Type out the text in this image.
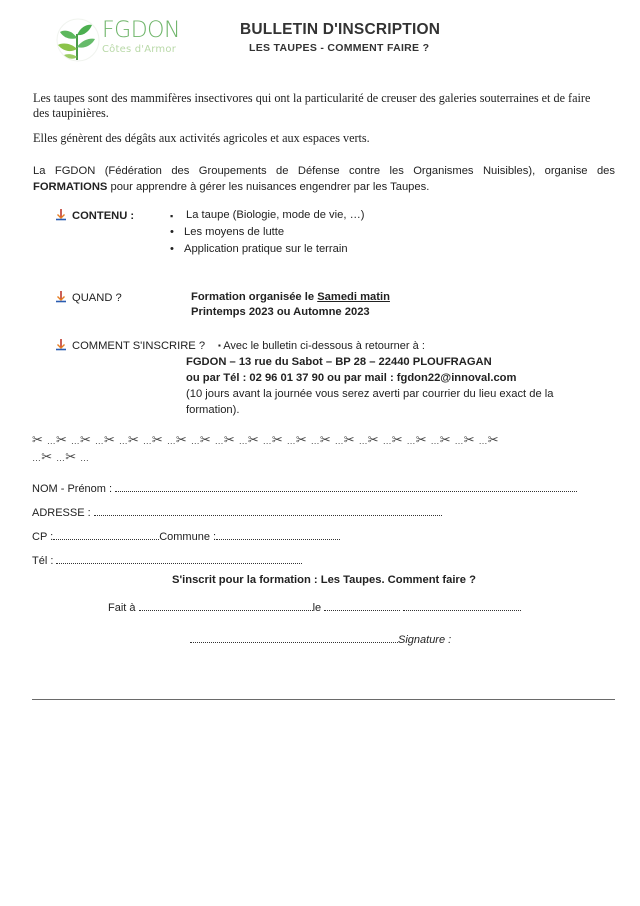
FGDON
Côtes d'Armor
BULLETIN D'INSCRIPTION
LES TAUPES - COMMENT FAIRE ?

Les taupes sont des mammifères insectivores qui ont la particularité de creuser des galeries souterraines et de faire des taupinières.

Elles génèrent des dégâts aux activités agricoles et aux espaces verts.

La FGDON (Fédération des Groupements de Défense contre les Organismes Nuisibles), organise des
FORMATIONS pour apprendre à gérer les nuisances engendrer par les Taupes.
CONTENU :	▪ La taupe (Biologie, mode de vie, …)
• Les moyens de lutte
• Application pratique sur le terrain
QUAND ?	Formation organisée le Samedi matin
Printemps 2023 ou Automne 2023
COMMENT S'INSCRIRE ? ▪ Avec le bulletin ci-dessous à retourner à :
FGDON – 13 rue du Sabot – BP 28 – 22440 PLOUFRAGAN
ou par Tél : 02 96 01 37 90 ou par mail : fgdon22@innoval.com
(10 jours avant la journée vous serez averti par courrier du lieu exact de la
formation).
✂ …✂ …✂ …✂ …✂ …✂ …✂ …✂ …✂ …✂ …✂ …✂ …✂ …✂ …✂ …✂ …✂ …✂ …✂ …✂
…✂ …✂ …
NOM - Prénom :
ADRESSE :
CP :	Commune :
Tél :
S'inscrit pour la formation : Les Taupes. Comment faire ?
Fait à	le
Signature :
